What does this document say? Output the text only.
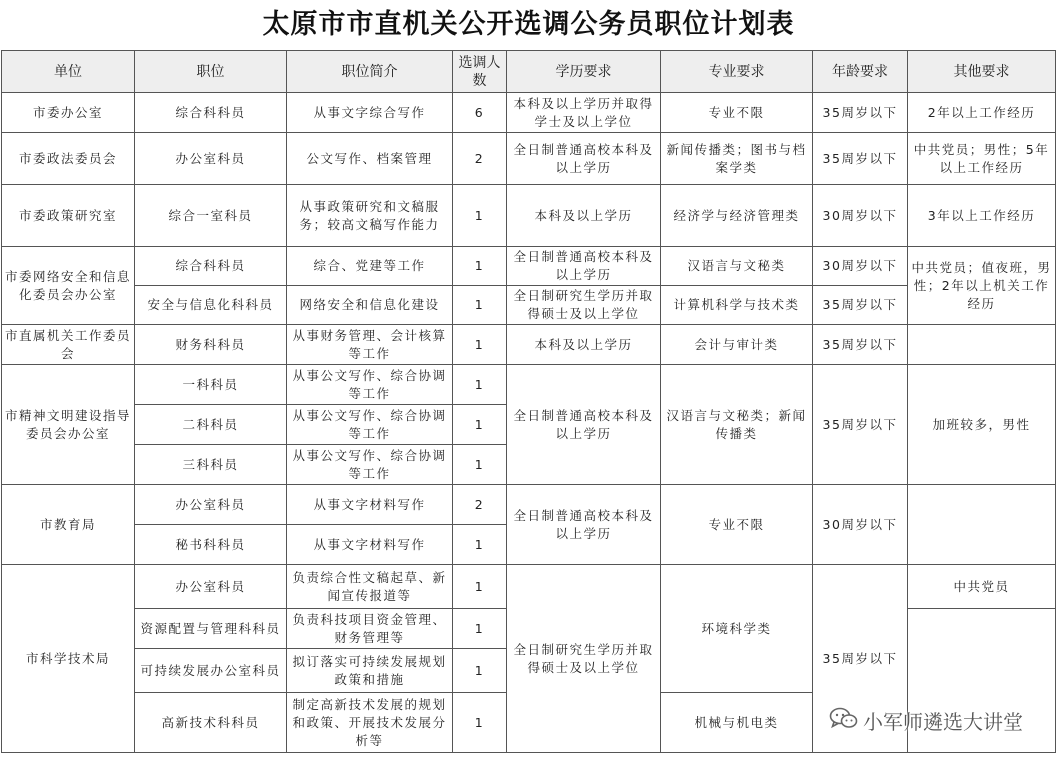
太原市市直机关公开选调公务员职位计划表
单位	职位	职位简介	选调人数	学历要求	专业要求	年龄要求	其他要求
市委办公室	综合科科员	从事文字综合写作	6	本科及以上学历并取得学士及以上学位	专业不限	35周岁以下	2年以上工作经历
市委政法委员会	办公室科员	公文写作、档案管理	2	全日制普通高校本科及以上学历	新闻传播类；图书与档案学类	35周岁以下	中共党员；男性；5年以上工作经历
市委政策研究室	综合一室科员	从事政策研究和文稿服务；较高文稿写作能力	1	本科及以上学历	经济学与经济管理类	30周岁以下	3年以上工作经历
市委网络安全和信息化委员会办公室	综合科科员	综合、党建等工作	1	全日制普通高校本科及以上学历	汉语言与文秘类	30周岁以下	中共党员；值夜班，男性；2年以上机关工作经历
	安全与信息化科科员	网络安全和信息化建设	1	全日制研究生学历并取得硕士及以上学位	计算机科学与技术类	35周岁以下	
市直属机关工作委员会	财务科科员	从事财务管理、会计核算等工作	1	本科及以上学历	会计与审计类	35周岁以下	
市精神文明建设指导委员会办公室	一科科员	从事公文写作、综合协调等工作	1	全日制普通高校本科及以上学历	汉语言与文秘类；新闻传播类	35周岁以下	加班较多，男性
	二科科员	从事公文写作、综合协调等工作	1				
	三科科员	从事公文写作、综合协调等工作	1				
市教育局	办公室科员	从事文字材料写作	2	全日制普通高校本科及以上学历	专业不限	30周岁以下	
	秘书科科员	从事文字材料写作	1				
市科学技术局	办公室科员	负责综合性文稿起草、新闻宣传报道等	1	全日制研究生学历并取得硕士及以上学位	环境科学类	35周岁以下	中共党员
	资源配置与管理科科员	负责科技项目资金管理、财务管理等	1				
	可持续发展办公室科员	拟订落实可持续发展规划政策和措施	1				
	高新技术科科员	制定高新技术发展的规划和政策、开展技术发展分析等	1		机械与机电类			小军师遴选大讲堂
